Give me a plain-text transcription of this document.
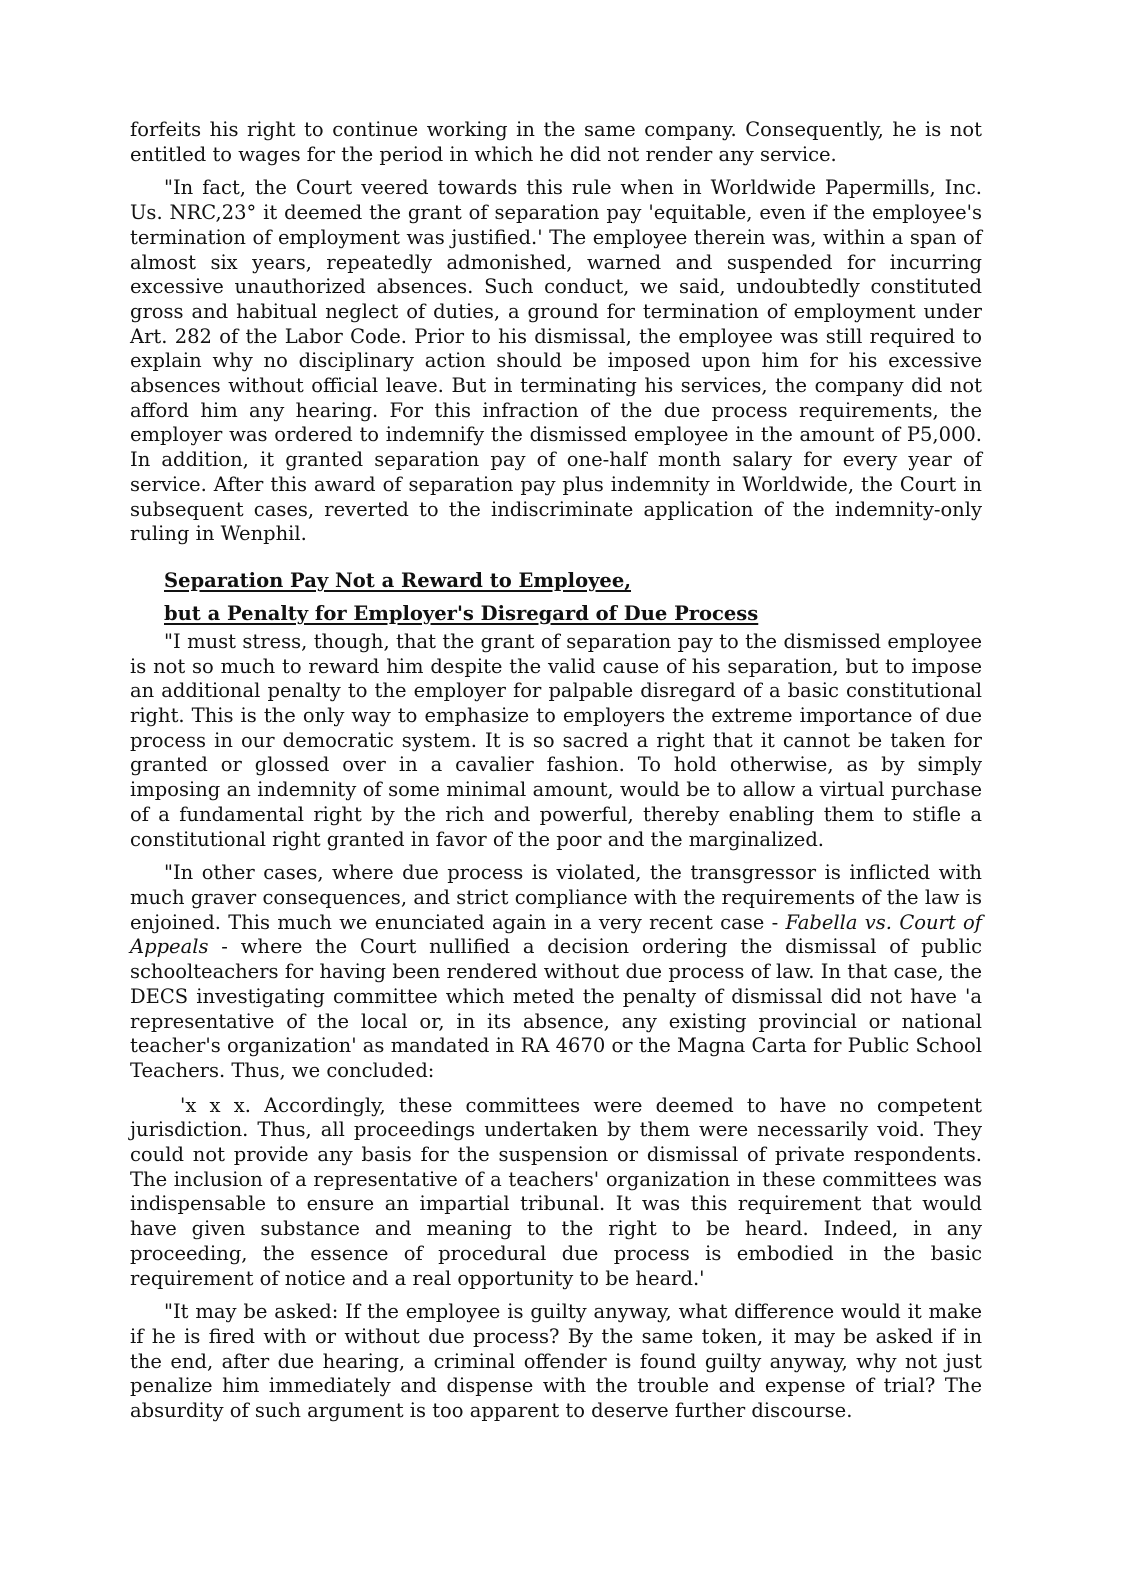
forfeits his right to continue working in the same company. Consequently, he is not entitled to wages for the period in which he did not render any service.

"In fact, the Court veered towards this rule when in Worldwide Papermills, Inc. Us. NRC,23° it deemed the grant of separation pay 'equitable, even if the employee's termination of employment was justified.' The employee therein was, within a span of almost six years, repeatedly admonished, warned and suspended for incurring excessive unauthorized absences. Such conduct, we said, undoubtedly constituted gross and habitual neglect of duties, a ground for termination of employment under Art. 282 of the Labor Code. Prior to his dismissal, the employee was still required to explain why no disciplinary action should be imposed upon him for his excessive absences without official leave. But in terminating his services, the company did not afford him any hearing. For this infraction of the due process requirements, the employer was ordered to indemnify the dismissed employee in the amount of P5,000. In addition, it granted separation pay of one-half month salary for every year of service. After this award of separation pay plus indemnity in Worldwide, the Court in subsequent cases, reverted to the indiscriminate application of the indemnity-only ruling in Wenphil.

Separation Pay Not a Reward to Employee,
but a Penalty for Employer's Disregard of Due Process

"I must stress, though, that the grant of separation pay to the dismissed employee is not so much to reward him despite the valid cause of his separation, but to impose an additional penalty to the employer for palpable disregard of a basic constitutional right. This is the only way to emphasize to employers the extreme importance of due process in our democratic system. It is so sacred a right that it cannot be taken for granted or glossed over in a cavalier fashion. To hold otherwise, as by simply imposing an indemnity of some minimal amount, would be to allow a virtual purchase of a fundamental right by the rich and powerful, thereby enabling them to stifle a constitutional right granted in favor of the poor and the marginalized.

"In other cases, where due process is violated, the transgressor is inflicted with much graver consequences, and strict compliance with the requirements of the law is enjoined. This much we enunciated again in a very recent case - Fabella vs. Court of Appeals - where the Court nullified a decision ordering the dismissal of public schoolteachers for having been rendered without due process of law. In that case, the DECS investigating committee which meted the penalty of dismissal did not have 'a representative of the local or, in its absence, any existing provincial or national teacher's organization' as mandated in RA 4670 or the Magna Carta for Public School Teachers. Thus, we concluded:

'x x x. Accordingly, these committees were deemed to have no competent jurisdiction. Thus, all proceedings undertaken by them were necessarily void. They could not provide any basis for the suspension or dismissal of private respondents. The inclusion of a representative of a teachers' organization in these committees was indispensable to ensure an impartial tribunal. It was this requirement that would have given substance and meaning to the right to be heard. Indeed, in any proceeding, the essence of procedural due process is embodied in the basic requirement of notice and a real opportunity to be heard.'

"It may be asked: If the employee is guilty anyway, what difference would it make if he is fired with or without due process? By the same token, it may be asked if in the end, after due hearing, a criminal offender is found guilty anyway, why not just penalize him immediately and dispense with the trouble and expense of trial? The absurdity of such argument is too apparent to deserve further discourse.
